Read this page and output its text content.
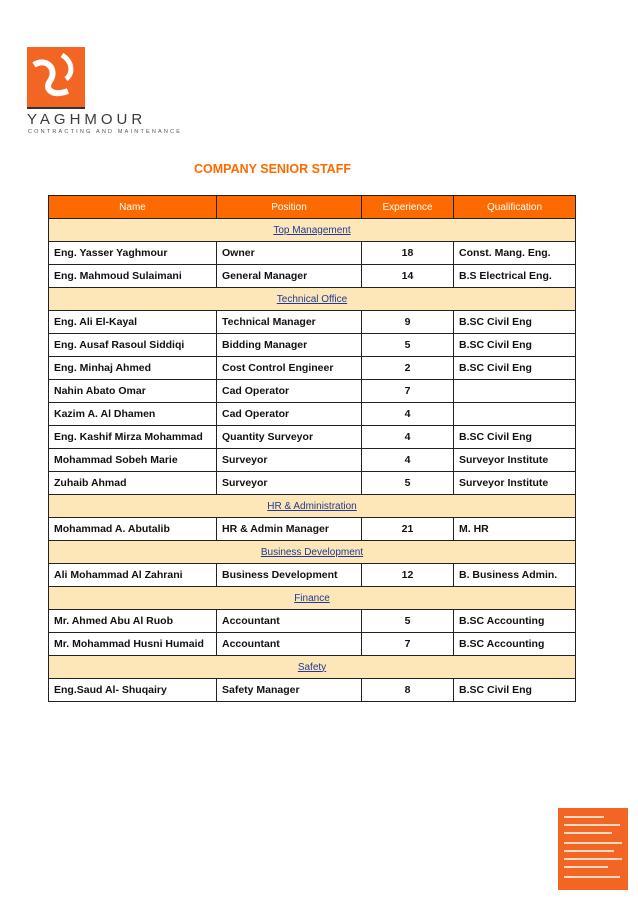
YAGHMOUR
CONTRACTING AND MAINTENANCE
COMPANY SENIOR STAFF
Name	Position	Experience	Qualification
Top Management			
Eng. Yasser Yaghmour	Owner	18	Const. Mang. Eng.
Eng. Mahmoud Sulaimani	General Manager	14	B.S Electrical Eng.
Technical Office			
Eng. Ali El-Kayal	Technical Manager	9	B.SC Civil Eng
Eng. Ausaf Rasoul Siddiqi	Bidding Manager	5	B.SC Civil Eng
Eng. Minhaj Ahmed	Cost Control Engineer	2	B.SC Civil Eng
Nahin Abato Omar	Cad Operator	7	
Kazim A. Al Dhamen	Cad Operator	4	
Eng. Kashif Mirza Mohammad	Quantity Surveyor	4	B.SC Civil Eng
Mohammad Sobeh Marie	Surveyor	4	Surveyor Institute
Zuhaib Ahmad	Surveyor	5	Surveyor Institute
HR & Administration			
Mohammad A. Abutalib	HR & Admin Manager	21	M. HR
Business Development			
Ali Mohammad Al Zahrani	Business Development	12	B. Business Admin.
Finance			
Mr. Ahmed Abu Al Ruob	Accountant	5	B.SC Accounting
Mr. Mohammad Husni Humaid	Accountant	7	B.SC Accounting
Safety			
Eng.Saud Al- Shuqairy	Safety Manager	8	B.SC Civil Eng
